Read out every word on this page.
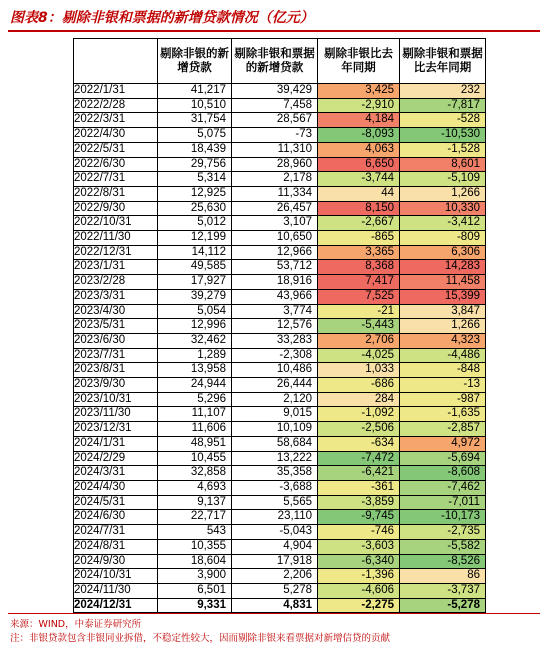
图表8：剔除非银和票据的新增贷款情况（亿元）
	剔除非银的新增贷款	剔除非银和票据的新增贷款	剔除非银比去年同期	剔除非银和票据比去年同期
2022/1/31	41,217	39,429	3,425	232
2022/2/28	10,510	7,458	-2,910	-7,817
2022/3/31	31,754	28,567	4,184	-528
2022/4/30	5,075	-73	-8,093	-10,530
2022/5/31	18,439	11,310	4,063	-1,528
2022/6/30	29,756	28,960	6,650	8,601
2022/7/31	5,314	2,178	-3,744	-5,109
2022/8/31	12,925	11,334	44	1,266
2022/9/30	25,630	26,457	8,150	10,330
2022/10/31	5,012	3,107	-2,667	-3,412
2022/11/30	12,199	10,650	-865	-809
2022/12/31	14,112	12,966	3,365	6,306
2023/1/31	49,585	53,712	8,368	14,283
2023/2/28	17,927	18,916	7,417	11,458
2023/3/31	39,279	43,966	7,525	15,399
2023/4/30	5,054	3,774	-21	3,847
2023/5/31	12,996	12,576	-5,443	1,266
2023/6/30	32,462	33,283	2,706	4,323
2023/7/31	1,289	-2,308	-4,025	-4,486
2023/8/31	13,958	10,486	1,033	-848
2023/9/30	24,944	26,444	-686	-13
2023/10/31	5,296	2,120	284	-987
2023/11/30	11,107	9,015	-1,092	-1,635
2023/12/31	11,606	10,109	-2,506	-2,857
2024/1/31	48,951	58,684	-634	4,972
2024/2/29	10,455	13,222	-7,472	-5,694
2024/3/31	32,858	35,358	-6,421	-8,608
2024/4/30	4,693	-3,688	-361	-7,462
2024/5/31	9,137	5,565	-3,859	-7,011
2024/6/30	22,717	23,110	-9,745	-10,173
2024/7/31	543	-5,043	-746	-2,735
2024/8/31	10,355	4,904	-3,603	-5,582
2024/9/30	18,604	17,918	-6,340	-8,526
2024/10/31	3,900	2,206	-1,396	86
2024/11/30	6,501	5,278	-4,606	-3,737
2024/12/31	9,331	4,831	-2,275	-5,278
来源：WIND，中泰证券研究所
注：非银贷款包含非银同业拆借，不稳定性较大，因而剔除非银来看票据对新增信贷的贡献
